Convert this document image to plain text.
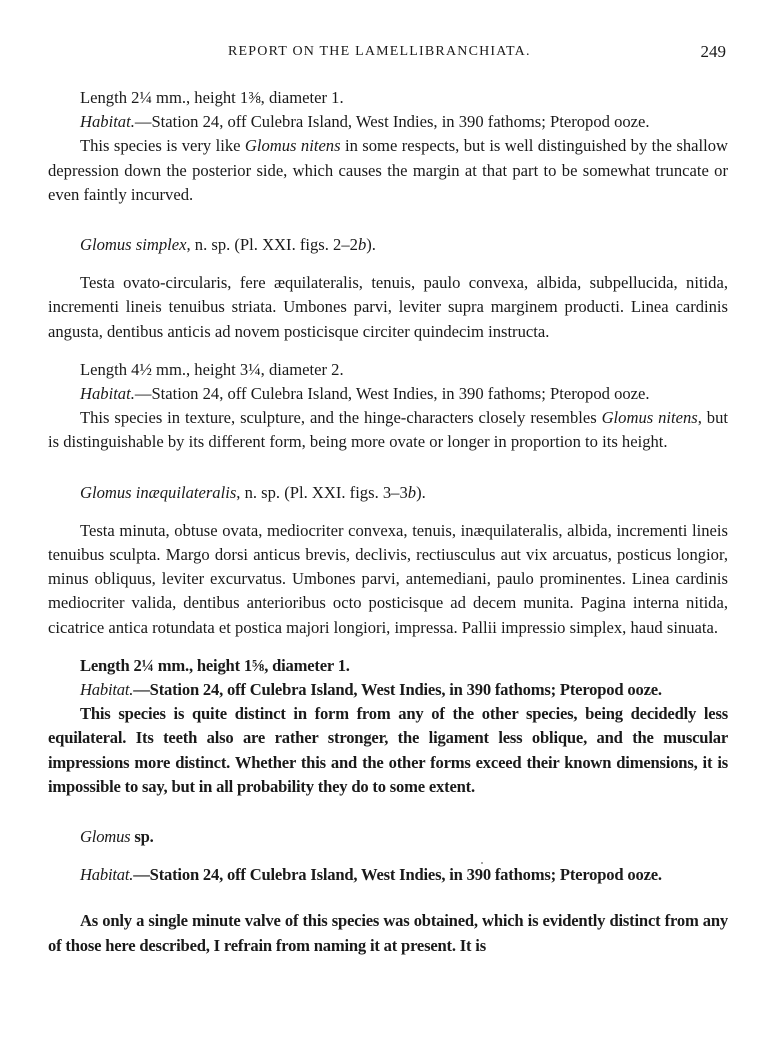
REPORT ON THE LAMELLIBRANCHIATA.	249

Length 2¼ mm., height 1⅜, diameter 1.

Habitat.—Station 24, off Culebra Island, West Indies, in 390 fathoms; Pteropod ooze.

This species is very like Glomus nitens in some respects, but is well distinguished by the shallow depression down the posterior side, which causes the margin at that part to be somewhat truncate or even faintly incurved.

Glomus simplex, n. sp. (Pl. XXI. figs. 2–2b).

Testa ovato-circularis, fere æquilateralis, tenuis, paulo convexa, albida, subpellucida, nitida, incrementi lineis tenuibus striata. Umbones parvi, leviter supra marginem producti. Linea cardinis angusta, dentibus anticis ad novem posticisque circiter quindecim instructa.

Length 4½ mm., height 3¼, diameter 2.

Habitat.—Station 24, off Culebra Island, West Indies, in 390 fathoms; Pteropod ooze.

This species in texture, sculpture, and the hinge-characters closely resembles Glomus nitens, but is distinguishable by its different form, being more ovate or longer in proportion to its height.

Glomus inæquilateralis, n. sp. (Pl. XXI. figs. 3–3b).

Testa minuta, obtuse ovata, mediocriter convexa, tenuis, inæquilateralis, albida, incrementi lineis tenuibus sculpta. Margo dorsi anticus brevis, declivis, rectiusculus aut vix arcuatus, posticus longior, minus obliquus, leviter excurvatus. Umbones parvi, antemediani, paulo prominentes. Linea cardinis mediocriter valida, dentibus anterioribus octo posticisque ad decem munita. Pagina interna nitida, cicatrice antica rotundata et postica majori longiori, impressa. Pallii impressio simplex, haud sinuata.

Length 2¼ mm., height 1⅝, diameter 1.

Habitat.—Station 24, off Culebra Island, West Indies, in 390 fathoms; Pteropod ooze.

This species is quite distinct in form from any of the other species, being decidedly less equilateral. Its teeth also are rather stronger, the ligament less oblique, and the muscular impressions more distinct. Whether this and the other forms exceed their known dimensions, it is impossible to say, but in all probability they do to some extent.

Glomus sp.

Habitat.—Station 24, off Culebra Island, West Indies, in 390 fathoms; Pteropod ooze.

As only a single minute valve of this species was obtained, which is evidently distinct from any of those here described, I refrain from naming it at present. It is
